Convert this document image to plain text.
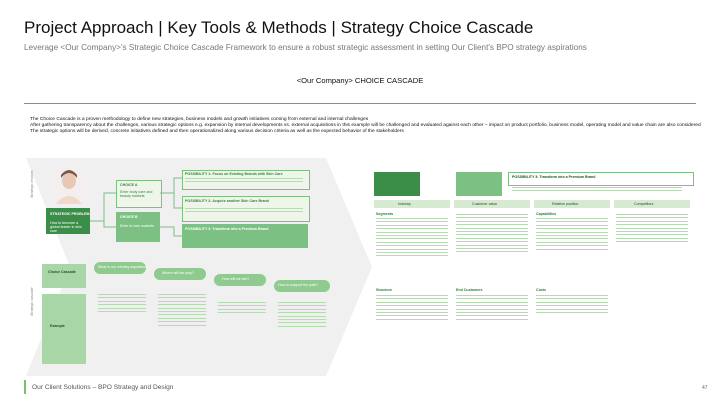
Project Approach | Key Tools & Methods | Strategy Choice Cascade
Leverage <Our Company>'s Strategic Choice Cascade Framework to ensure a robust strategic assessment in setting Our Client's BPO strategy aspirations
<Our Company> CHOICE CASCADE

The Choice Cascade is a proven methodology to define new strategies, business models and growth initiatives coming from external and internal challenges

After gathering transparency about the challenges, various strategic options e.g. expansion by internal developments vs. external acquisitions in this example will be challenged and evaluated against each other – impact on product portfolio, business model, operating model and value chain are also considered

The strategic options will be derived, concrete initiatives defined and then operationalized along various decision criteria as well as the expected behavior of the stakeholders

Strategic choices
Strategic cascade
STRATEGIC PROBLEM
How to become a global leader in skin care
CHOICE A
Enter body care and beauty markets
CHOICE B
Enter in new markets
POSSIBILITY 1: Focus on Existing Brands with Skin Care
POSSIBILITY 2: Acquire another Skin Care Brand
POSSIBILITY 3: Transform into a Premium Brand
What is our winning aspiration?
Where will we play?
How will we win?
How to support the path?
Choice Cascade
Example
POSSIBILITY 3: Transform into a Premium Brand
Industry	Customer value	Relative position	Competitors
Segments
Structure	End Customers
Capabilities
Costs
Our Client Solutions – BPO Strategy and Design	47
